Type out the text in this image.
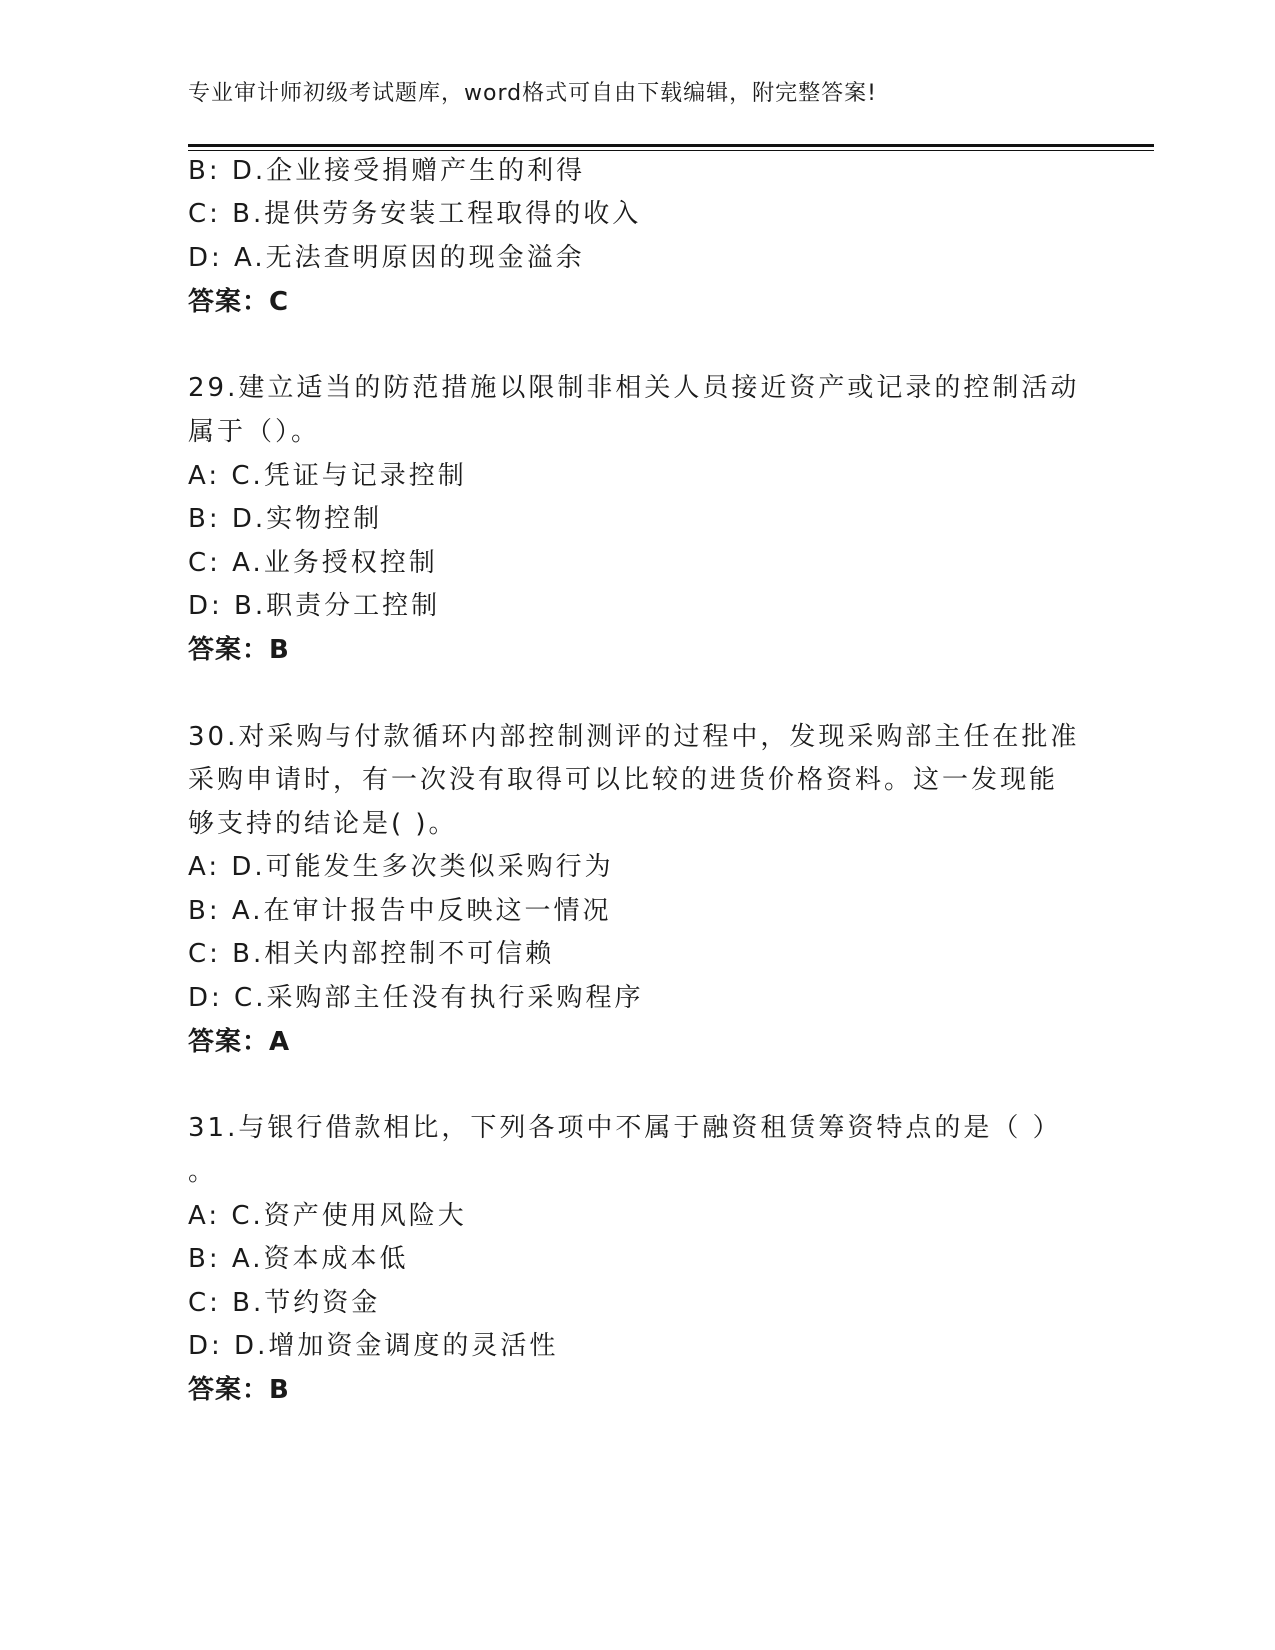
专业审计师初级考试题库，word格式可自由下载编辑，附完整答案!
B: D.企业接受捐赠产生的利得
C: B.提供劳务安装工程取得的收入
D: A.无法查明原因的现金溢余
答案：C
29.建立适当的防范措施以限制非相关人员接近资产或记录的控制活动
属于（）。
A: C.凭证与记录控制
B: D.实物控制
C: A.业务授权控制
D: B.职责分工控制
答案：B
30.对采购与付款循环内部控制测评的过程中，发现采购部主任在批准
采购申请时，有一次没有取得可以比较的进货价格资料。这一发现能
够支持的结论是( )。
A: D.可能发生多次类似采购行为
B: A.在审计报告中反映这一情况
C: B.相关内部控制不可信赖
D: C.采购部主任没有执行采购程序
答案：A
31.与银行借款相比，下列各项中不属于融资租赁筹资特点的是（ ）
。
A: C.资产使用风险大
B: A.资本成本低
C: B.节约资金
D: D.增加资金调度的灵活性
答案：B
